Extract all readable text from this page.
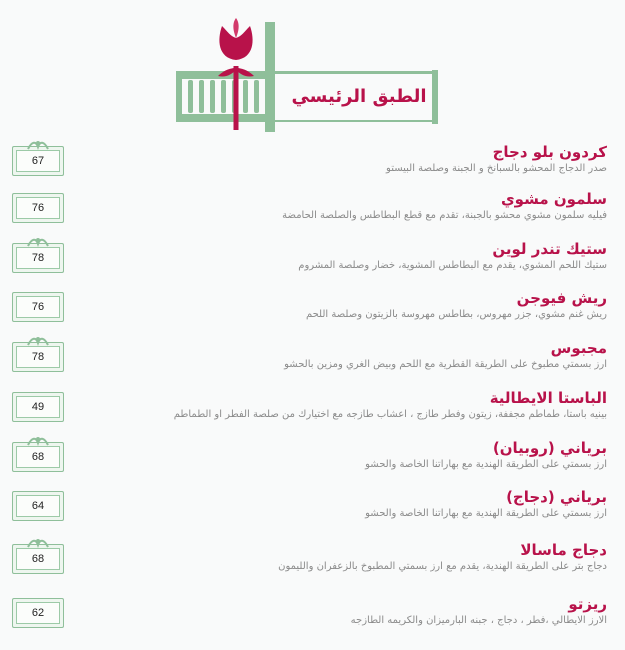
الطبق الرئيسي
67	كردون بلو دجاج
صدر الدجاج المحشو بالسبانخ و الجبنة وصلصة البيستو
76	سلمون مشوي
فيليه سلمون مشوي محشو بالجبنة، تقدم مع قطع البطاطس والصلصة الحامضة
78	ستيك تندر لوين
ستيك اللحم المشوي، يقدم مع البطاطس المشوية، خضار وصلصة المشروم
76	ريش فيوجن
ريش غنم مشوي، جزر مهروس، بطاطس مهروسة بالزيتون وصلصة اللحم
78	مجبوس
ارز بسمتي مطبوخ على الطريقة القطرية مع اللحم وبيض الغري ومزين بالحشو
49	الباستا الايطالية
بينيه باستا، طماطم مجففة، زيتون وفطر طازج ، اعشاب طازجه مع اختيارك من صلصة الفطر او الطماطم
68	برياني (روبيان)
ارز بسمتي على الطريقة الهندية مع بهاراتنا الخاصة والحشو
64	برياني (دجاج)
ارز بسمتي على الطريقة الهندية مع بهاراتنا الخاصة والحشو
68	دجاج ماسالا
دجاج بتر على الطريقة الهندية، يقدم مع ارز بسمتي المطبوخ بالزعفران والليمون
62	ريزتو
الارز الايطالي ،فطر ، دجاج ، جبنه البارميزان والكريمه الطازجه
